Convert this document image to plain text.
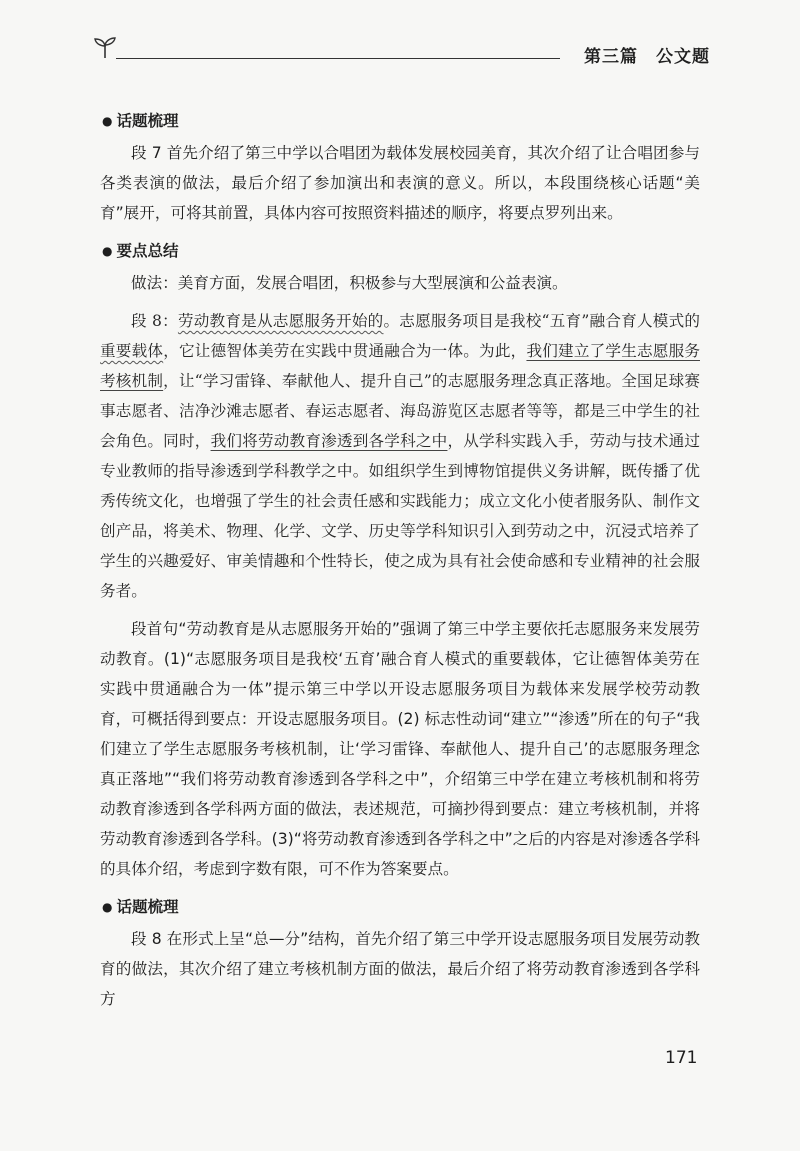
第三篇 公文题
● 话题梳理

段 7 首先介绍了第三中学以合唱团为载体发展校园美育，其次介绍了让合唱团参与各类表演的做法，最后介绍了参加演出和表演的意义。所以，本段围绕核心话题“美育”展开，可将其前置，具体内容可按照资料描述的顺序，将要点罗列出来。

● 要点总结

做法：美育方面，发展合唱团，积极参与大型展演和公益表演。

段 8：劳动教育是从志愿服务开始的。志愿服务项目是我校“五育”融合育人模式的重要载体，它让德智体美劳在实践中贯通融合为一体。为此，我们建立了学生志愿服务考核机制，让“学习雷锋、奉献他人、提升自己”的志愿服务理念真正落地。全国足球赛事志愿者、洁净沙滩志愿者、春运志愿者、海岛游览区志愿者等等，都是三中学生的社会角色。同时，我们将劳动教育渗透到各学科之中，从学科实践入手，劳动与技术通过专业教师的指导渗透到学科教学之中。如组织学生到博物馆提供义务讲解，既传播了优秀传统文化，也增强了学生的社会责任感和实践能力；成立文化小使者服务队、制作文创产品，将美术、物理、化学、文学、历史等学科知识引入到劳动之中，沉浸式培养了学生的兴趣爱好、审美情趣和个性特长，使之成为具有社会使命感和专业精神的社会服务者。

段首句“劳动教育是从志愿服务开始的”强调了第三中学主要依托志愿服务来发展劳动教育。(1)“志愿服务项目是我校‘五育’融合育人模式的重要载体，它让德智体美劳在实践中贯通融合为一体”提示第三中学以开设志愿服务项目为载体来发展学校劳动教育，可概括得到要点：开设志愿服务项目。(2) 标志性动词“建立”“渗透”所在的句子“我们建立了学生志愿服务考核机制，让‘学习雷锋、奉献他人、提升自己’的志愿服务理念真正落地”“我们将劳动教育渗透到各学科之中”，介绍第三中学在建立考核机制和将劳动教育渗透到各学科两方面的做法，表述规范，可摘抄得到要点：建立考核机制，并将劳动教育渗透到各学科。(3)“将劳动教育渗透到各学科之中”之后的内容是对渗透各学科的具体介绍，考虑到字数有限，可不作为答案要点。

● 话题梳理

段 8 在形式上呈“总—分”结构，首先介绍了第三中学开设志愿服务项目发展劳动教育的做法，其次介绍了建立考核机制方面的做法，最后介绍了将劳动教育渗透到各学科方

171
